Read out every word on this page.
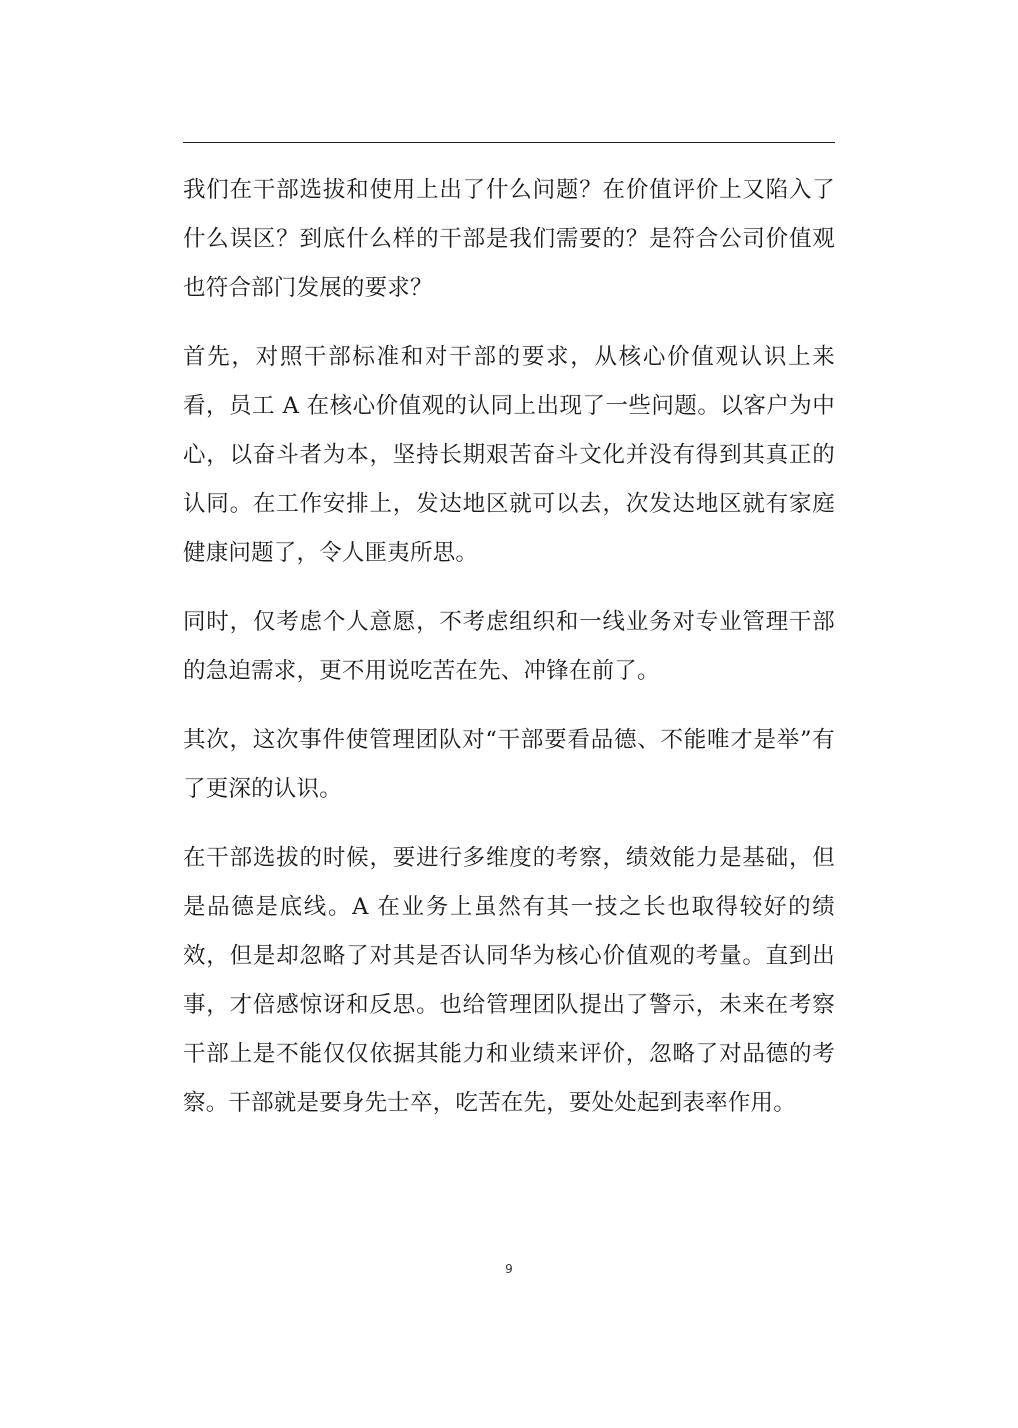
我们在干部选拔和使用上出了什么问题？在价值评价上又陷入了什么误区？到底什么样的干部是我们需要的？是符合公司价值观也符合部门发展的要求？

首先，对照干部标准和对干部的要求，从核心价值观认识上来看，员工 A 在核心价值观的认同上出现了一些问题。以客户为中心，以奋斗者为本，坚持长期艰苦奋斗文化并没有得到其真正的认同。在工作安排上，发达地区就可以去，次发达地区就有家庭健康问题了，令人匪夷所思。

同时，仅考虑个人意愿，不考虑组织和一线业务对专业管理干部的急迫需求，更不用说吃苦在先、冲锋在前了。

其次，这次事件使管理团队对“干部要看品德、不能唯才是举”有了更深的认识。

在干部选拔的时候，要进行多维度的考察，绩效能力是基础，但是品德是底线。A 在业务上虽然有其一技之长也取得较好的绩效，但是却忽略了对其是否认同华为核心价值观的考量。直到出事，才倍感惊讶和反思。也给管理团队提出了警示，未来在考察干部上是不能仅仅依据其能力和业绩来评价，忽略了对品德的考察。干部就是要身先士卒，吃苦在先，要处处起到表率作用。

9
